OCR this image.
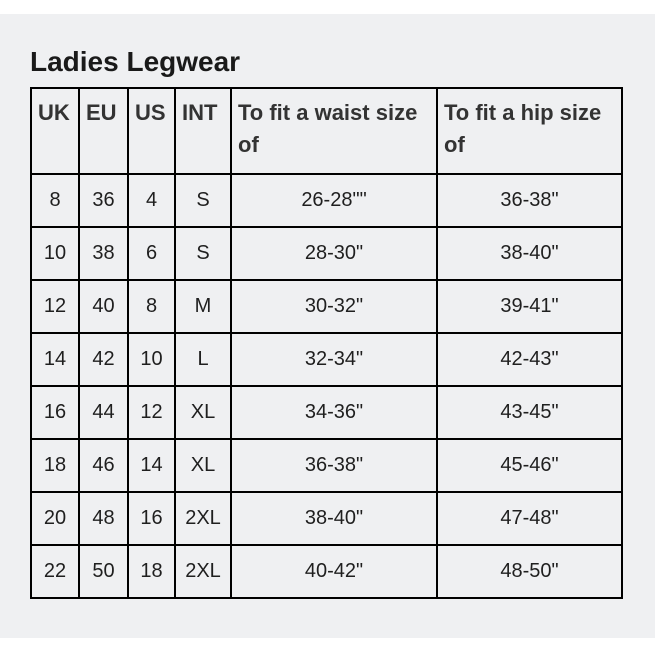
Ladies Legwear
UK	EU	US	INT	To fit a waist size of	To fit a hip size of
8	36	4	S	26-28""	36-38"
10	38	6	S	28-30"	38-40"
12	40	8	M	30-32"	39-41"
14	42	10	L	32-34"	42-43"
16	44	12	XL	34-36"	43-45"
18	46	14	XL	36-38"	45-46"
20	48	16	2XL	38-40"	47-48"
22	50	18	2XL	40-42"	48-50"
